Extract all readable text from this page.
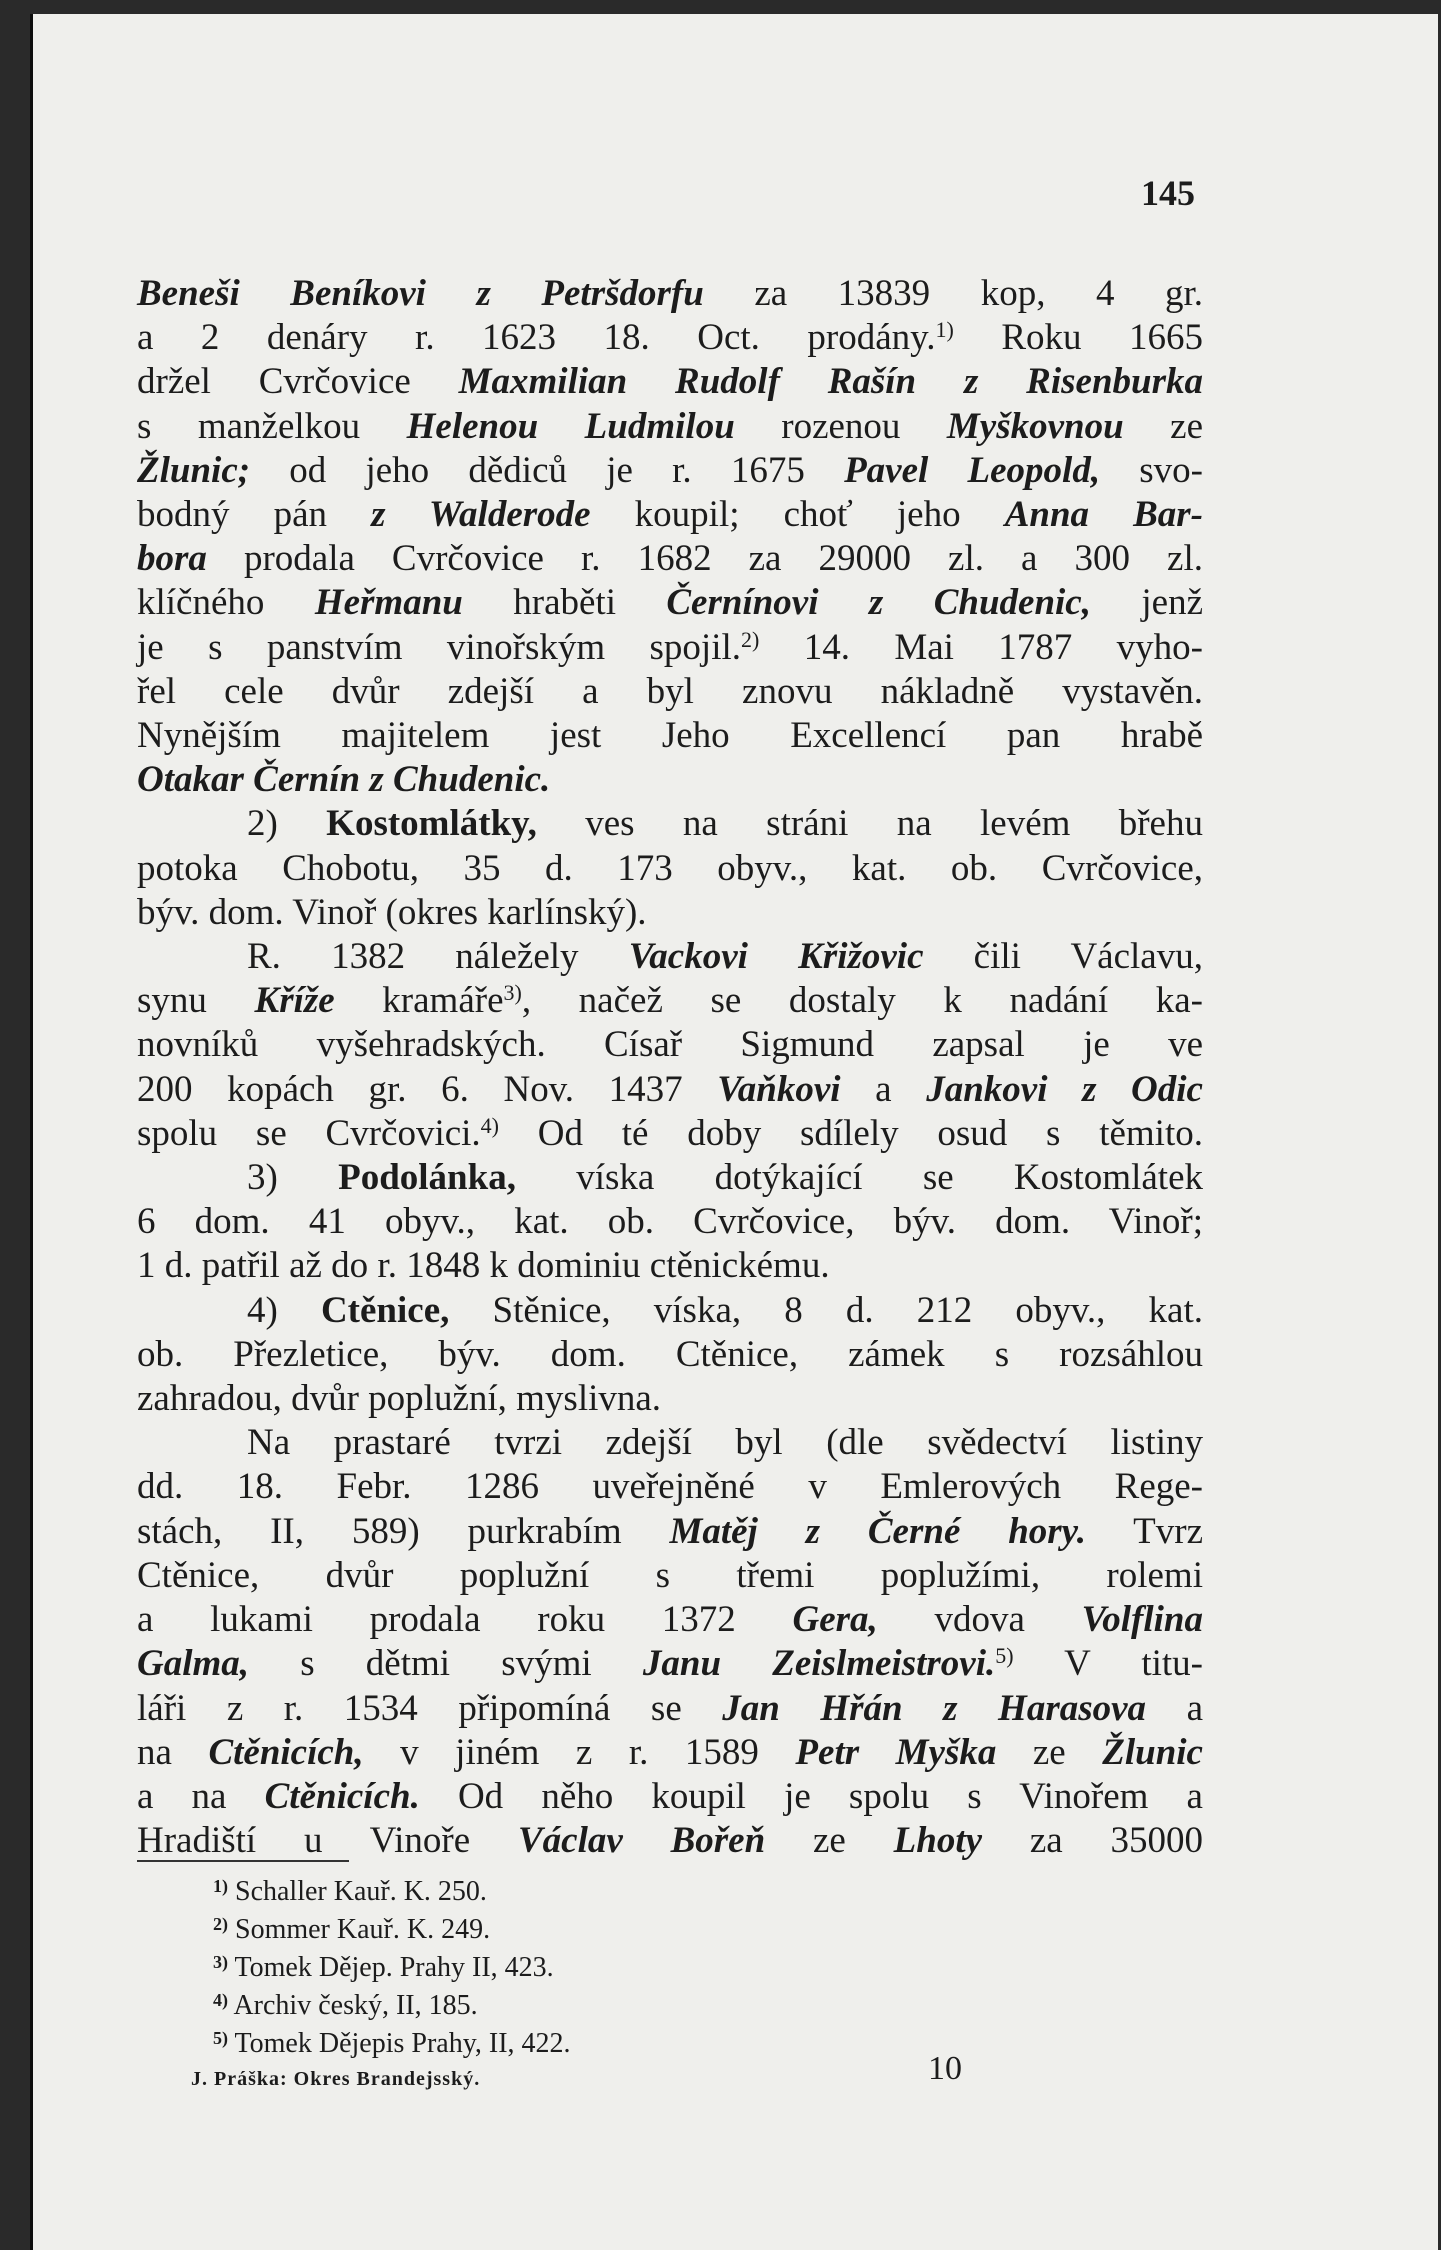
145
Beneši Beníkovi z Petršdorfu za 13839 kop, 4 gr.
a 2 denáry r. 1623 18. Oct. prodány.$^{1)}$ Roku 1665
držel Cvrčovice Maxmilian Rudolf Rašín z Risenburka
s manželkou Helenou Ludmilou rozenou Myškovnou ze
Žlunic; od jeho dědiců je r. 1675 Pavel Leopold, svo-
bodný pán z Walderode koupil; choť jeho Anna Bar-
bora prodala Cvrčovice r. 1682 za 29000 zl. a 300 zl.
klíčného Heřmanu hraběti Černínovi z Chudenic, jenž
je s panstvím vinořským spojil.$^{2)}$ 14. Mai 1787 vyho-
řel cele dvůr zdejší a byl znovu nákladně vystavěn.
Nynějším majitelem jest Jeho Excellencí pan hrabě
Otakar Černín z Chudenic.
2) Kostomlátky, ves na stráni na levém břehu
potoka Chobotu, 35 d. 173 obyv., kat. ob. Cvrčovice,
býv. dom. Vinoř (okres karlínský).
R. 1382 náležely Vackovi Křižovic čili Václavu,
synu Kříže kramáře$^{3)}$, načež se dostaly k nadání ka-
novníků vyšehradských. Císař Sigmund zapsal je ve
200 kopách gr. 6. Nov. 1437 Vaňkovi a Jankovi z Odic
spolu se Cvrčovici.$^{4)}$ Od té doby sdílely osud s těmito.
3) Podolánka, víska dotýkající se Kostomlátek
6 dom. 41 obyv., kat. ob. Cvrčovice, býv. dom. Vinoř;
1 d. patřil až do r. 1848 k dominiu ctěnickému.
4) Ctěnice, Stěnice, víska, 8 d. 212 obyv., kat.
ob. Přezletice, býv. dom. Ctěnice, zámek s rozsáhlou
zahradou, dvůr poplužní, myslivna.
Na prastaré tvrzi zdejší byl (dle svědectví listiny
dd. 18. Febr. 1286 uveřejněné v Emlerových Rege-
stách, II, 589) purkrabím Matěj z Černé hory. Tvrz
Ctěnice, dvůr poplužní s třemi poplužími, rolemi
a lukami prodala roku 1372 Gera, vdova Volflina
Galma, s dětmi svými Janu Zeislmeistrovi.$^{5)}$ V titu-
láři z r. 1534 připomíná se Jan Hřán z Harasova a
na Ctěnicích, v jiném z r. 1589 Petr Myška ze Žlunic
a na Ctěnicích. Od něho koupil je spolu s Vinořem a
Hradiští u Vinoře Václav Bořeň ze Lhoty za 35000
$^{1)}$ Schaller Kauř. K. 250.
$^{2)}$ Sommer Kauř. K. 249.
$^{3)}$ Tomek Dějep. Prahy II, 423.
$^{4)}$ Archiv český, II, 185.
$^{5)}$ Tomek Dějepis Prahy, II, 422.
J. Práška: Okres Brandejsský.	10
